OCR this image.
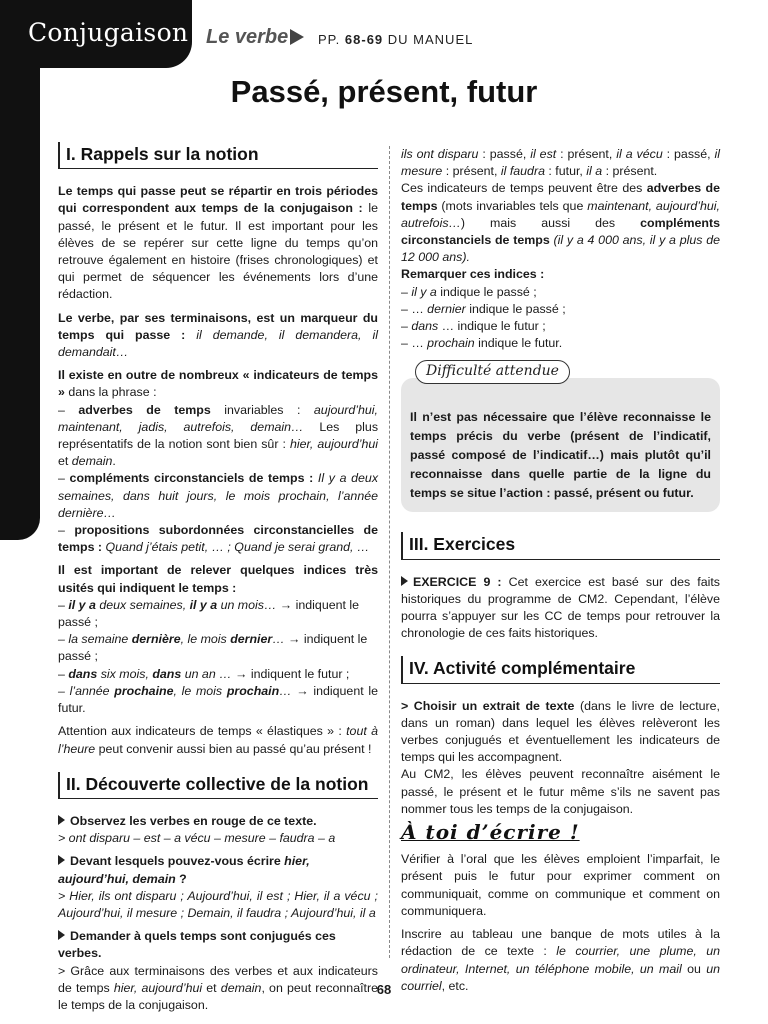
Conjugaison Le verbe PP. 68-69 DU MANUEL
Passé, présent, futur
I. Rappels sur la notion

Le temps qui passe peut se répartir en trois périodes qui correspondent aux temps de la conjugaison : le passé, le présent et le futur. Il est important pour les élèves de se repérer sur cette ligne du temps qu’on retrouve également en histoire (frises chronologiques) et qui permet de séquencer les événements lors d’une rédaction.

Le verbe, par ses terminaisons, est un marqueur du temps qui passe : il demande, il demandera, il demandait…

Il existe en outre de nombreux « indicateurs de temps » dans la phrase :
– adverbes de temps invariables : aujourd’hui, maintenant, jadis, autrefois, demain… Les plus représentatifs de la notion sont bien sûr : hier, aujourd’hui et demain.
– compléments circonstanciels de temps : Il y a deux semaines, dans huit jours, le mois prochain, l’année dernière…

– propositions subordonnées circonstancielles de temps : Quand j’étais petit, … ; Quand je serai grand, …

Il est important de relever quelques indices très usités qui indiquent le temps :
– il y a deux semaines, il y a un mois… → indiquent le passé ;
– la semaine dernière, le mois dernier… → indiquent le passé ;
– dans six mois, dans un an … → indiquent le futur ;

– l’année prochaine, le mois prochain… → indiquent le futur.

Attention aux indicateurs de temps « élastiques » : tout à l’heure peut convenir aussi bien au passé qu’au présent !

II. Découverte collective de la notion
Observez les verbes en rouge de ce texte.

> ont disparu – est – a vécu – mesure – faudra – a

Devant lesquels pouvez-vous écrire hier, aujourd’hui, demain ?

> Hier, ils ont disparu ; Aujourd’hui, il est ; Hier, il a vécu ; Aujourd’hui, il mesure ; Demain, il faudra ; Aujourd’hui, il a

Demander à quels temps sont conjugués ces verbes.

> Grâce aux terminaisons des verbes et aux indicateurs de temps hier, aujourd’hui et demain, on peut reconnaître le temps de la conjugaison.

ils ont disparu : passé, il est : présent, il a vécu : passé, il mesure : présent, il faudra : futur, il a : présent.
Ces indicateurs de temps peuvent être des adverbes de temps (mots invariables tels que maintenant, aujourd’hui, autrefois…) mais aussi des compléments circonstanciels de temps (il y a 4 000 ans, il y a plus de 12 000 ans).
Remarquer ces indices :
– il y a indique le passé ;
– … dernier indique le passé ;
– dans … indique le futur ;
– … prochain indique le futur.
Difficulté attendue

Il n’est pas nécessaire que l’élève reconnaisse le temps précis du verbe (présent de l’indicatif, passé composé de l’indicatif…) mais plutôt qu’il reconnaisse dans quelle partie de la ligne du temps se situe l’action : passé, présent ou futur.

III. Exercices

EXERCICE 9 : Cet exercice est basé sur des faits historiques du programme de CM2. Cependant, l’élève pourra s’appuyer sur les CC de temps pour retrouver la chronologie de ces faits historiques.

IV. Activité complémentaire
> Choisir un extrait de texte (dans le livre de lecture, dans un roman) dans lequel les élèves relèveront les verbes conjugués et éventuellement les indicateurs de temps qui les accompagnent.

Au CM2, les élèves peuvent reconnaître aisément le passé, le présent et le futur même s’ils ne savent pas nommer tous les temps de la conjugaison.

À toi d’écrire !

Vérifier à l’oral que les élèves emploient l’imparfait, le présent puis le futur pour exprimer comment on communiquait, comme on communique et comment on communiquera.

Inscrire au tableau une banque de mots utiles à la rédaction de ce texte : le courrier, une plume, un ordinateur, Internet, un téléphone mobile, un mail ou un courriel, etc.

68
